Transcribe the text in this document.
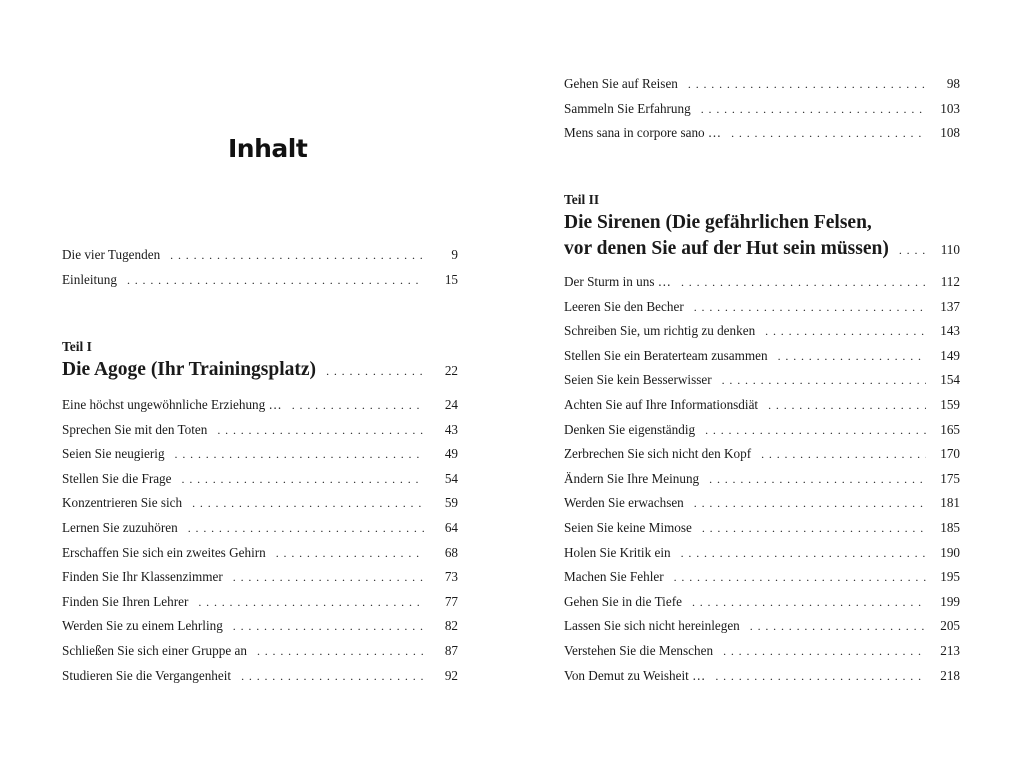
Inhalt
Die vier Tugenden . . .	9
Einleitung . . .	15
Teil I
Die Agoge (Ihr Trainingsplatz) . . .	22
Eine höchst ungewöhnliche Erziehung … . . .	24
Sprechen Sie mit den Toten . . .	43
Seien Sie neugierig . . .	49
Stellen Sie die Frage . . .	54
Konzentrieren Sie sich . . .	59
Lernen Sie zuzuhören . . .	64
Erschaffen Sie sich ein zweites Gehirn . . .	68
Finden Sie Ihr Klassenzimmer . . .	73
Finden Sie Ihren Lehrer . . .	77
Werden Sie zu einem Lehrling . . .	82
Schließen Sie sich einer Gruppe an . . .	87
Studieren Sie die Vergangenheit . . .	92
Gehen Sie auf Reisen . . .	98
Sammeln Sie Erfahrung . . .	103
Mens sana in corpore sano … . . .	108
Teil II
Die Sirenen (Die gefährlichen Felsen,
vor denen Sie auf der Hut sein müssen) . . .	110
Der Sturm in uns … . . .	112
Leeren Sie den Becher . . .	137
Schreiben Sie, um richtig zu denken . . .	143
Stellen Sie ein Beraterteam zusammen . . .	149
Seien Sie kein Besserwisser . . .	154
Achten Sie auf Ihre Informationsdiät . . .	159
Denken Sie eigenständig . . .	165
Zerbrechen Sie sich nicht den Kopf . . .	170
Ändern Sie Ihre Meinung . . .	175
Werden Sie erwachsen . . .	181
Seien Sie keine Mimose . . .	185
Holen Sie Kritik ein . . .	190
Machen Sie Fehler . . .	195
Gehen Sie in die Tiefe . . .	199
Lassen Sie sich nicht hereinlegen . . .	205
Verstehen Sie die Menschen . . .	213
Von Demut zu Weisheit … . . .	218
